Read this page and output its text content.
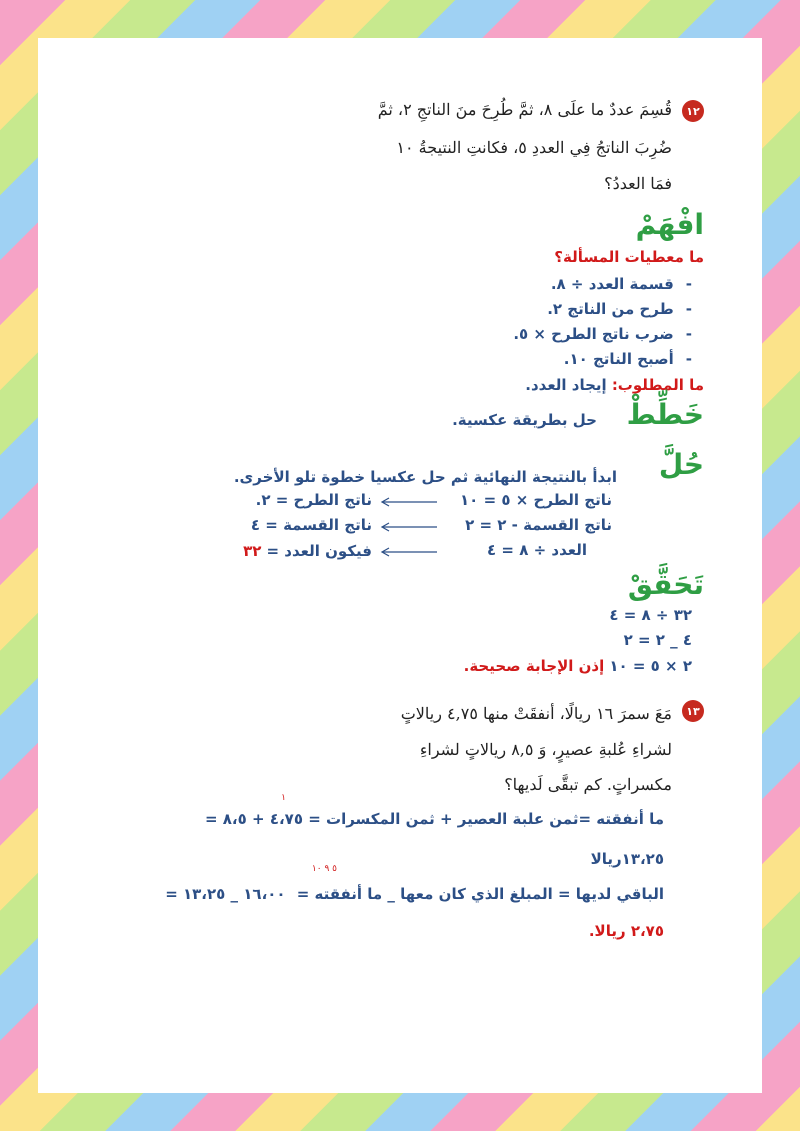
١٢
قُسِمَ عددٌ ما علَى ٨، ثمَّ طُرِحَ منَ الناتجِ ٢، ثمَّ
ضُرِبَ الناتجُ فِي العددِ ٥، فكانتِ النتيجةُ ١٠
فمَا العددُ؟
افْهَمْ
ما معطيات المسألة؟
-قسمة العدد ÷ ٨.
-طرح من الناتج ٢.
-ضرب ناتج الطرح × ٥.
-أصبح الناتج ١٠.
ما المطلوب: إيجاد العدد.
خَطِّطْ
حل بطريقة عكسية.
حُلَّ
ابدأ بالنتيجة النهائية ثم حل عكسيا خطوة تلو الأخرى.
ناتج الطرح × ٥ = ١٠
ناتج الطرح = ٢.
ناتج القسمة - ٢ = ٢
ناتج القسمة = ٤
العدد ÷ ٨ = ٤
فيكون العدد = ٣٢
تَحَقَّقْ
٣٢ ÷ ٨ = ٤
٤ _ ٢ = ٢
٢ × ٥ = ١٠ إذن الإجابة صحيحة.
١٣
مَعَ سمرَ ١٦ ريالًا، أنفقَتْ منها ٤,٧٥ ريالاتٍ
لشراءِ عُلبةِ عصيرٍ، وَ ٨,٥ ريالاتٍ لشراءِ
مكسراتٍ. كم تبقَّى لَديها؟
١
ما أنفقته =ثمن علبة العصير + ثمن المكسرات = ٤،٧٥ + ٨،٥ =
١٣،٢٥ريالا
٥ ٩ ١٠
الباقي لديها = المبلغ الذي كان معها _ ما أنفقته = ١٦،٠٠ _ ١٣،٢٥ =
٢،٧٥ ريالا.
